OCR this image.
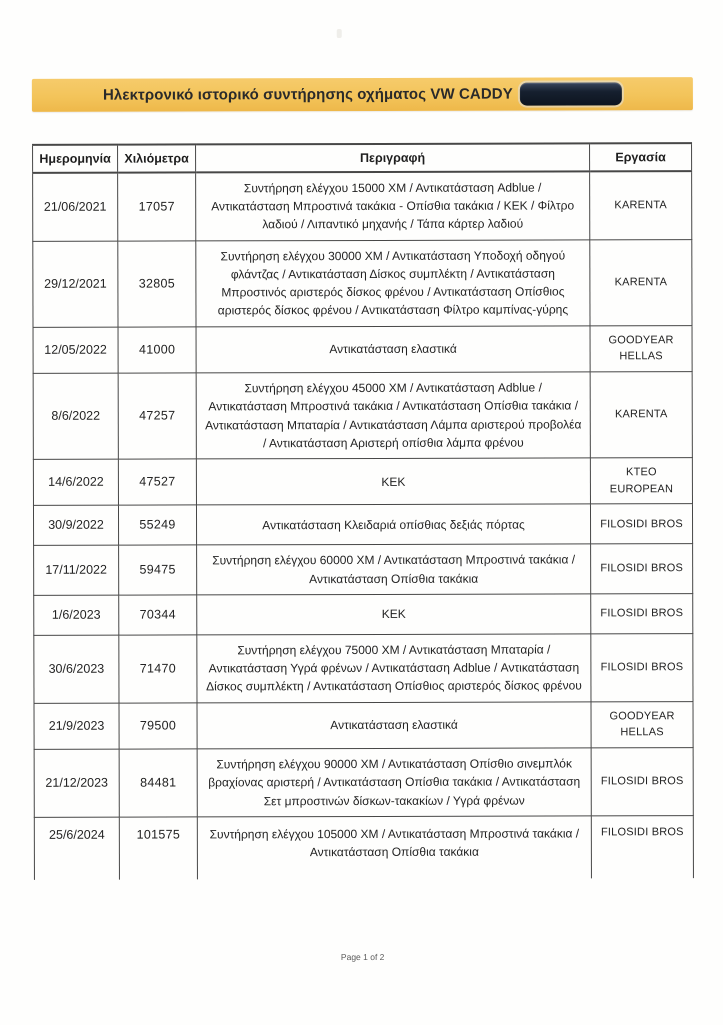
Ηλεκτρονικό ιστορικό συντήρησης οχήματος VW CADDY
Ημερομηνία	Χιλιόμετρα	Περιγραφή	Εργασία
21/06/2021	17057	Συντήρηση ελέγχου 15000 ΧΜ / Αντικατάσταση Adblue / Αντικατάσταση Μπροστινά τακάκια - Οπίσθια τακάκια / ΚΕΚ / Φίλτρο λαδιού / Λιπαντικό μηχανής / Τάπα κάρτερ λαδιού	KARENTA
29/12/2021	32805	Συντήρηση ελέγχου 30000 ΧΜ / Αντικατάσταση Υποδοχή οδηγού φλάντζας / Αντικατάσταση Δίσκος συμπλέκτη / Αντικατάσταση Μπροστινός αριστερός δίσκος φρένου / Αντικατάσταση Οπίσθιος αριστερός δίσκος φρένου / Αντικατάσταση Φίλτρο καμπίνας-γύρης	KARENTA
12/05/2022	41000	Αντικατάσταση ελαστικά	GOODYEAR HELLAS
8/6/2022	47257	Συντήρηση ελέγχου 45000 ΧΜ / Αντικατάσταση Adblue / Αντικατάσταση Μπροστινά τακάκια / Αντικατάσταση Οπίσθια τακάκια /Αντικατάσταση Μπαταρία / Αντικατάσταση Λάμπα αριστερού προβολέα / Αντικατάσταση Αριστερή οπίσθια λάμπα φρένου	KARENTA
14/6/2022	47527	ΚΕΚ	KTEO EUROPEAN
30/9/2022	55249	Αντικατάσταση Κλειδαριά οπίσθιας δεξιάς πόρτας	FILOSIDI BROS
17/11/2022	59475	Συντήρηση ελέγχου 60000 ΧΜ / Αντικατάσταση Μπροστινά τακάκια / Αντικατάσταση Οπίσθια τακάκια	FILOSIDI BROS
1/6/2023	70344	ΚΕΚ	FILOSIDI BROS
30/6/2023	71470	Συντήρηση ελέγχου 75000 ΧΜ / Αντικατάσταση Μπαταρία / Αντικατάσταση Υγρά φρένων / Αντικατάσταση Adblue / Αντικατάσταση Δίσκος συμπλέκτη / Αντικατάσταση Οπίσθιος αριστερός δίσκος φρένου	FILOSIDI BROS
21/9/2023	79500	Αντικατάσταση ελαστικά	GOODYEAR HELLAS
21/12/2023	84481	Συντήρηση ελέγχου 90000 ΧΜ / Αντικατάσταση Οπίσθιο σινεμπλόκ βραχίονας αριστερή / Αντικατάσταση Οπίσθια τακάκια / Αντικατάσταση Σετ μπροστινών δίσκων-τακακίων / Υγρά φρένων	FILOSIDI BROS
25/6/2024	101575	Συντήρηση ελέγχου 105000 ΧΜ / Αντικατάσταση Μπροστινά τακάκια / Αντικατάσταση Οπίσθια τακάκια	FILOSIDI BROS
Page 1 of 2
